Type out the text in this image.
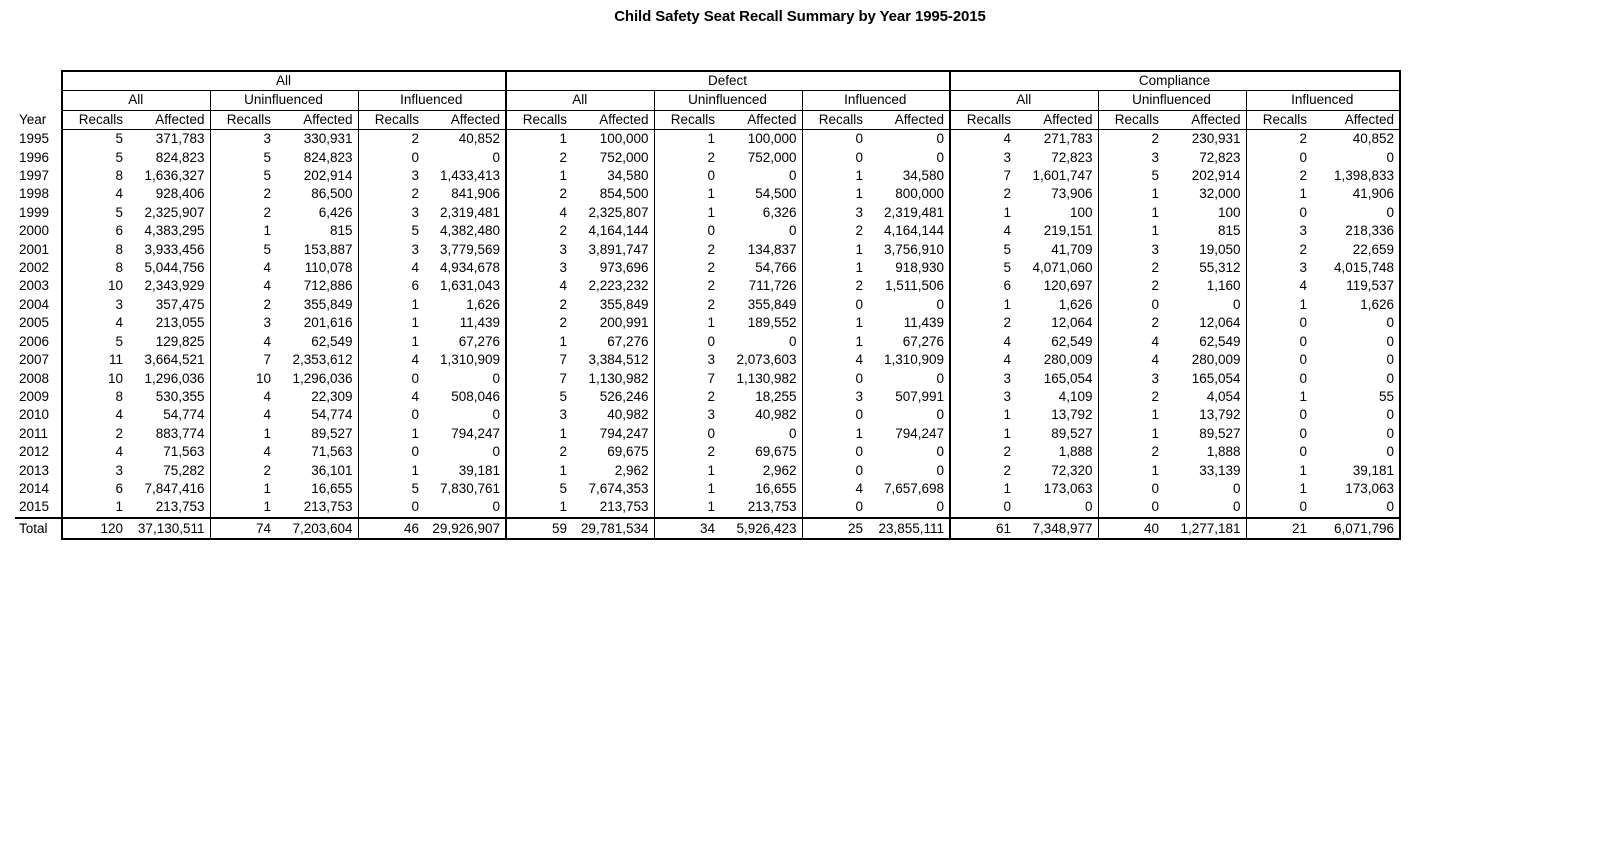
Child Safety Seat Recall Summary by Year 1995-2015
	All						Defect						Compliance					
	All		Uninfluenced		Influenced		All		Uninfluenced		Influenced		All		Uninfluenced		Influenced	
Year	Recalls	Affected	Recalls	Affected	Recalls	Affected	Recalls	Affected	Recalls	Affected	Recalls	Affected	Recalls	Affected	Recalls	Affected	Recalls	Affected
1995	5	371,783	3	330,931	2	40,852	1	100,000	1	100,000	0	0	4	271,783	2	230,931	2	40,852
1996	5	824,823	5	824,823	0	0	2	752,000	2	752,000	0	0	3	72,823	3	72,823	0	0
1997	8	1,636,327	5	202,914	3	1,433,413	1	34,580	0	0	1	34,580	7	1,601,747	5	202,914	2	1,398,833
1998	4	928,406	2	86,500	2	841,906	2	854,500	1	54,500	1	800,000	2	73,906	1	32,000	1	41,906
1999	5	2,325,907	2	6,426	3	2,319,481	4	2,325,807	1	6,326	3	2,319,481	1	100	1	100	0	0
2000	6	4,383,295	1	815	5	4,382,480	2	4,164,144	0	0	2	4,164,144	4	219,151	1	815	3	218,336
2001	8	3,933,456	5	153,887	3	3,779,569	3	3,891,747	2	134,837	1	3,756,910	5	41,709	3	19,050	2	22,659
2002	8	5,044,756	4	110,078	4	4,934,678	3	973,696	2	54,766	1	918,930	5	4,071,060	2	55,312	3	4,015,748
2003	10	2,343,929	4	712,886	6	1,631,043	4	2,223,232	2	711,726	2	1,511,506	6	120,697	2	1,160	4	119,537
2004	3	357,475	2	355,849	1	1,626	2	355,849	2	355,849	0	0	1	1,626	0	0	1	1,626
2005	4	213,055	3	201,616	1	11,439	2	200,991	1	189,552	1	11,439	2	12,064	2	12,064	0	0
2006	5	129,825	4	62,549	1	67,276	1	67,276	0	0	1	67,276	4	62,549	4	62,549	0	0
2007	11	3,664,521	7	2,353,612	4	1,310,909	7	3,384,512	3	2,073,603	4	1,310,909	4	280,009	4	280,009	0	0
2008	10	1,296,036	10	1,296,036	0	0	7	1,130,982	7	1,130,982	0	0	3	165,054	3	165,054	0	0
2009	8	530,355	4	22,309	4	508,046	5	526,246	2	18,255	3	507,991	3	4,109	2	4,054	1	55
2010	4	54,774	4	54,774	0	0	3	40,982	3	40,982	0	0	1	13,792	1	13,792	0	0
2011	2	883,774	1	89,527	1	794,247	1	794,247	0	0	1	794,247	1	89,527	1	89,527	0	0
2012	4	71,563	4	71,563	0	0	2	69,675	2	69,675	0	0	2	1,888	2	1,888	0	0
2013	3	75,282	2	36,101	1	39,181	1	2,962	1	2,962	0	0	2	72,320	1	33,139	1	39,181
2014	6	7,847,416	1	16,655	5	7,830,761	5	7,674,353	1	16,655	4	7,657,698	1	173,063	0	0	1	173,063
2015	1	213,753	1	213,753	0	0	1	213,753	1	213,753	0	0	0	0	0	0	0	0
Total	120	37,130,511	74	7,203,604	46	29,926,907	59	29,781,534	34	5,926,423	25	23,855,111	61	7,348,977	40	1,277,181	21	6,071,796
